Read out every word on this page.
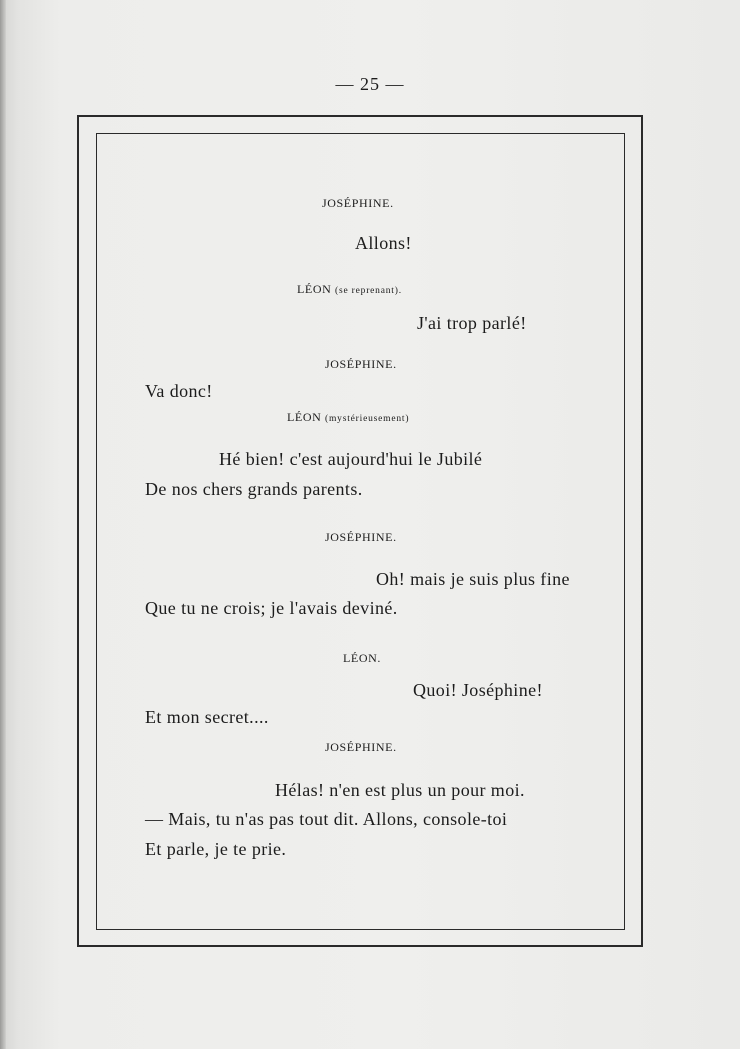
— 25 —
JOSÉPHINE.
Allons!
LÉON (se reprenant).
J'ai trop parlé!
JOSÉPHINE.
Va donc!
LÉON (mystérieusement)
Hé bien! c'est aujourd'hui le Jubilé
De nos chers grands parents.
JOSÉPHINE.
Oh! mais je suis plus fine
Que tu ne crois; je l'avais deviné.
LÉON.
Quoi! Joséphine!
Et mon secret....
JOSÉPHINE.
Hélas! n'en est plus un pour moi.
— Mais, tu n'as pas tout dit. Allons, console-toi
Et parle, je te prie.
